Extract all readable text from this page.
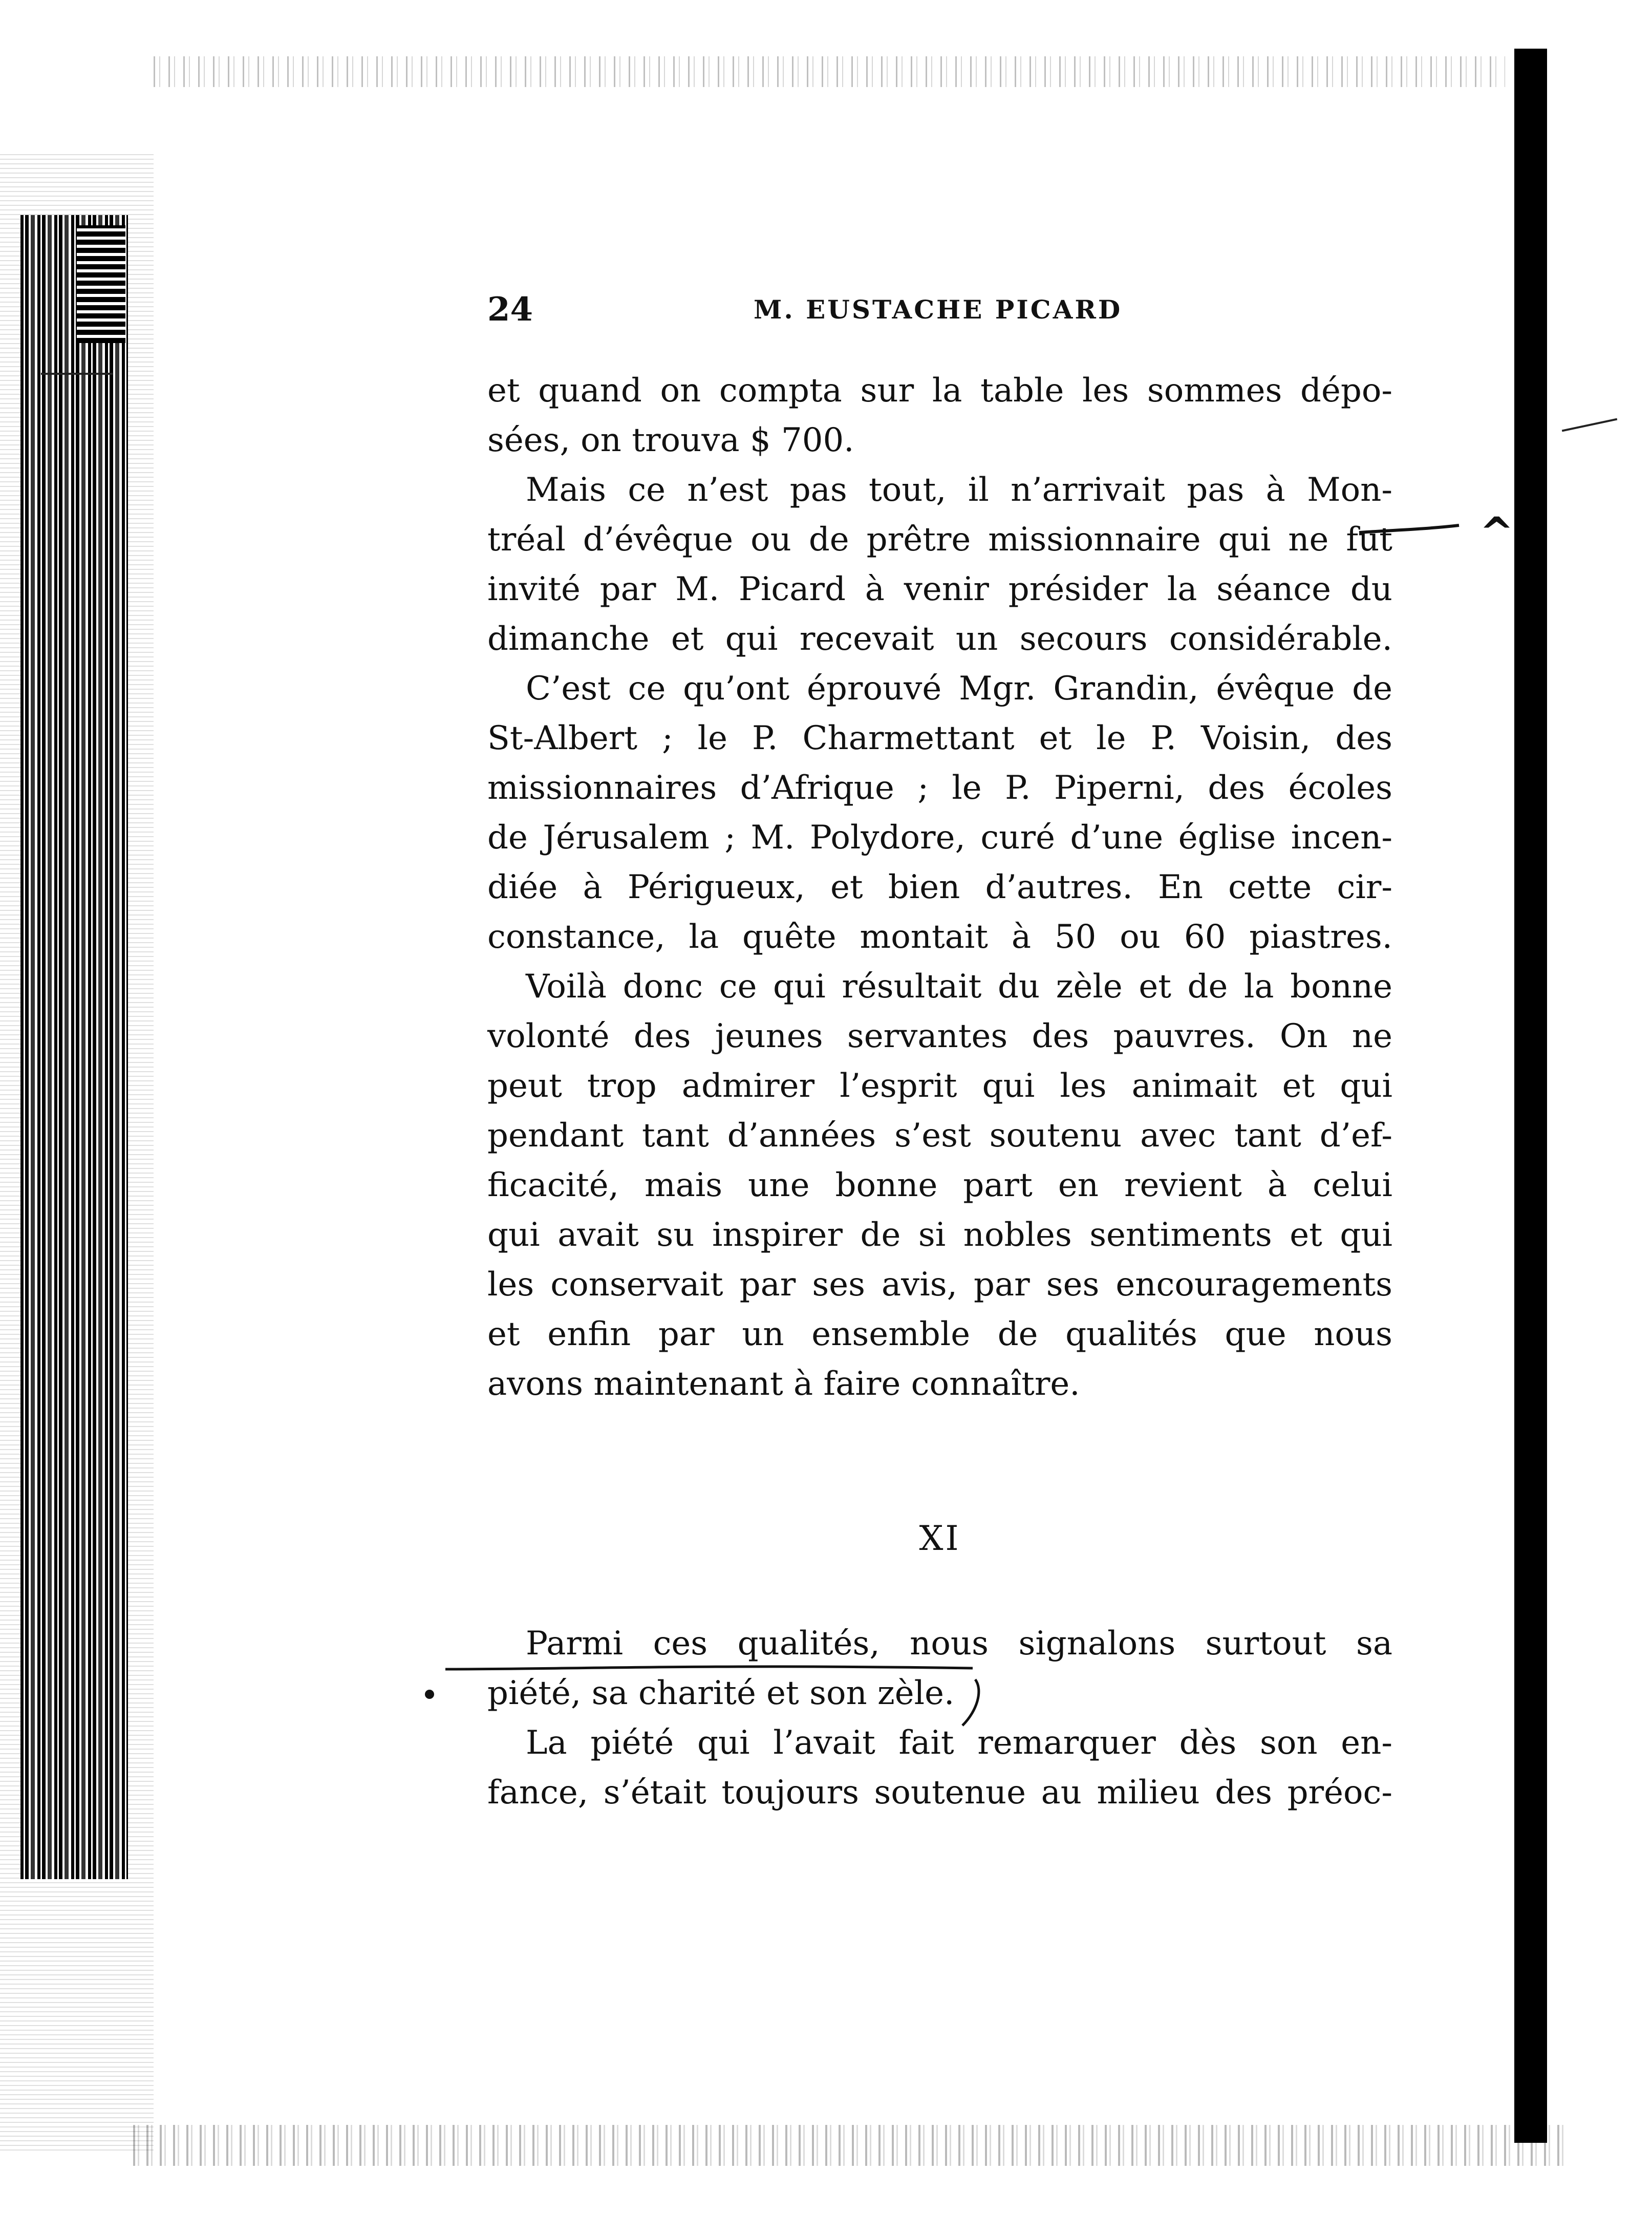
24	M. EUSTACHE PICARD
et quand on compta sur la table les sommes dépo-
sées, on trouva $ 700.
Mais ce n’est pas tout, il n’arrivait pas à Mon-
tréal d’évêque ou de prêtre missionnaire qui ne fut
invité par M. Picard à venir présider la séance du
dimanche et qui recevait un secours considérable.
C’est ce qu’ont éprouvé Mgr. Grandin, évêque de
St-Albert ; le P. Charmettant et le P. Voisin, des
missionnaires d’Afrique ; le P. Piperni, des écoles
de Jérusalem ; M. Polydore, curé d’une église incen-
diée à Périgueux, et bien d’autres. En cette cir-
constance, la quête montait à 50 ou 60 piastres.
Voilà donc ce qui résultait du zèle et de la bonne
volonté des jeunes servantes des pauvres. On ne
peut trop admirer l’esprit qui les animait et qui
pendant tant d’années s’est soutenu avec tant d’ef-
ficacité, mais une bonne part en revient à celui
qui avait su inspirer de si nobles sentiments et qui
les conservait par ses avis, par ses encouragements
et enfin par un ensemble de qualités que nous
avons maintenant à faire connaître.
XI
Parmi ces qualités, nous signalons surtout sa
piété, sa charité et son zèle.
La piété qui l’avait fait remarquer dès son en-
fance, s’était toujours soutenue au milieu des préoc-
^
